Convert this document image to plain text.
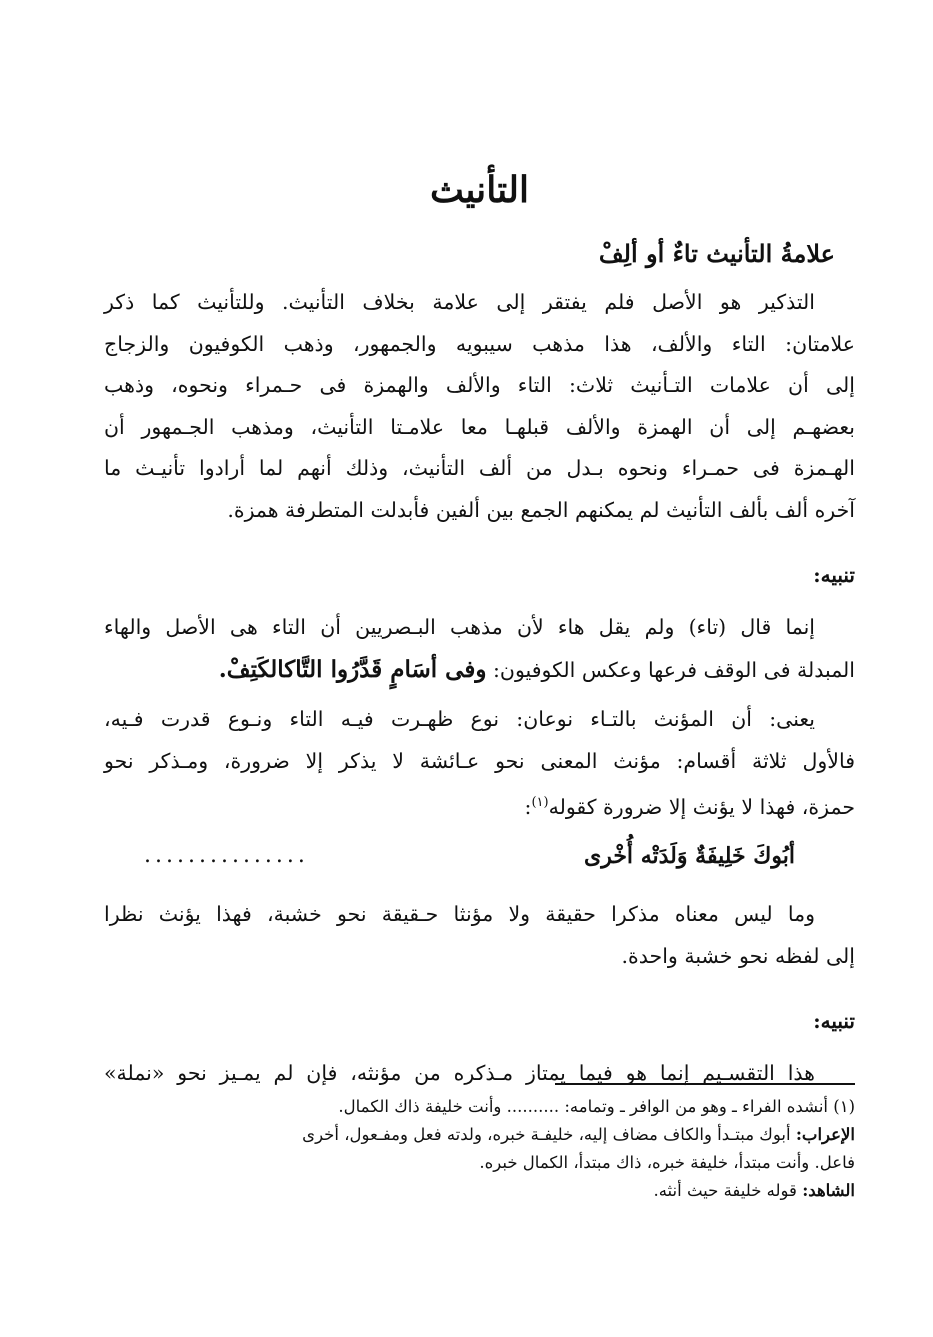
التأنيث
علامةُ التأنيث تاءٌ أو ألِفْ

التذكير هو الأصل فلم يفتقر إلى علامة بخلاف التأنيث. وللتأنيث كما ذكر
علامتان: التاء والألف، هذا مذهب سيبويه والجمهور، وذهب الكوفيون والزجاج
إلى أن علامات التـأنيث ثلاث: التاء والألف والهمزة فى حـمراء ونحوه، وذهب
بعضهـم إلى أن الهمزة والألف قبلهـا معا علامـتا التأنيث، ومذهب الجـمهور أن
الهـمزة فى حمـراء ونحوه بـدل من ألف التأنيث، وذلك أنهم لما أرادوا تأنيـث ما
آخره ألف بألف التأنيث لم يمكنهم الجمع بين ألفين فأبدلت المتطرفة همزة.

تنبيه:

إنما قال (تاء) ولم يقل هاء لأن مذهب البـصريين أن التاء هى الأصل والهاء
المبدلة فى الوقف فرعها وعكس الكوفيون: وفى أسَامٍ قَدَّرُوا التَّاكالكَتِفْ.

يعنى: أن المؤنث بالتـاء نوعان: نوع ظهـرت فيـه التاء ونـوع قدرت فـيه،
فالأول ثلاثة أقسام: مؤنث المعنى نحو عـائشة لا يذكر إلا ضرورة، ومـذكر نحو
حمزة، فهذا لا يؤنث إلا ضرورة كقوله$^{(١)}$:

أبُوكَ خَلِيفَةٌ وَلَدَتْه أُخْرى
...............

وما ليس معناه مذكرا حقيقة ولا مؤنثا حـقيقة نحو خشبة، فهذا يؤنث نظرا
إلى لفظه نحو خشبة واحدة.

تنبيه:

هذا التقسـيم إنما هو فيما يمتاز مـذكره من مؤنثه، فإن لم يمـيز نحو «نملة»

(١) أنشده الفراء ـ وهو من الوافر ـ وتمامه: .......... وأنت خليفة ذاك الكمال.
الإعراب: أبوك مبتـدأ والكاف مضاف إليه، خليفـة خبره، ولدته فعل ومفـعول، أخرى
فاعل. وأنت مبتدأ، خليفة خبره، ذاك مبتدأ، الكمال خبره.
الشاهد: قوله خليفة حيث أنثه.
